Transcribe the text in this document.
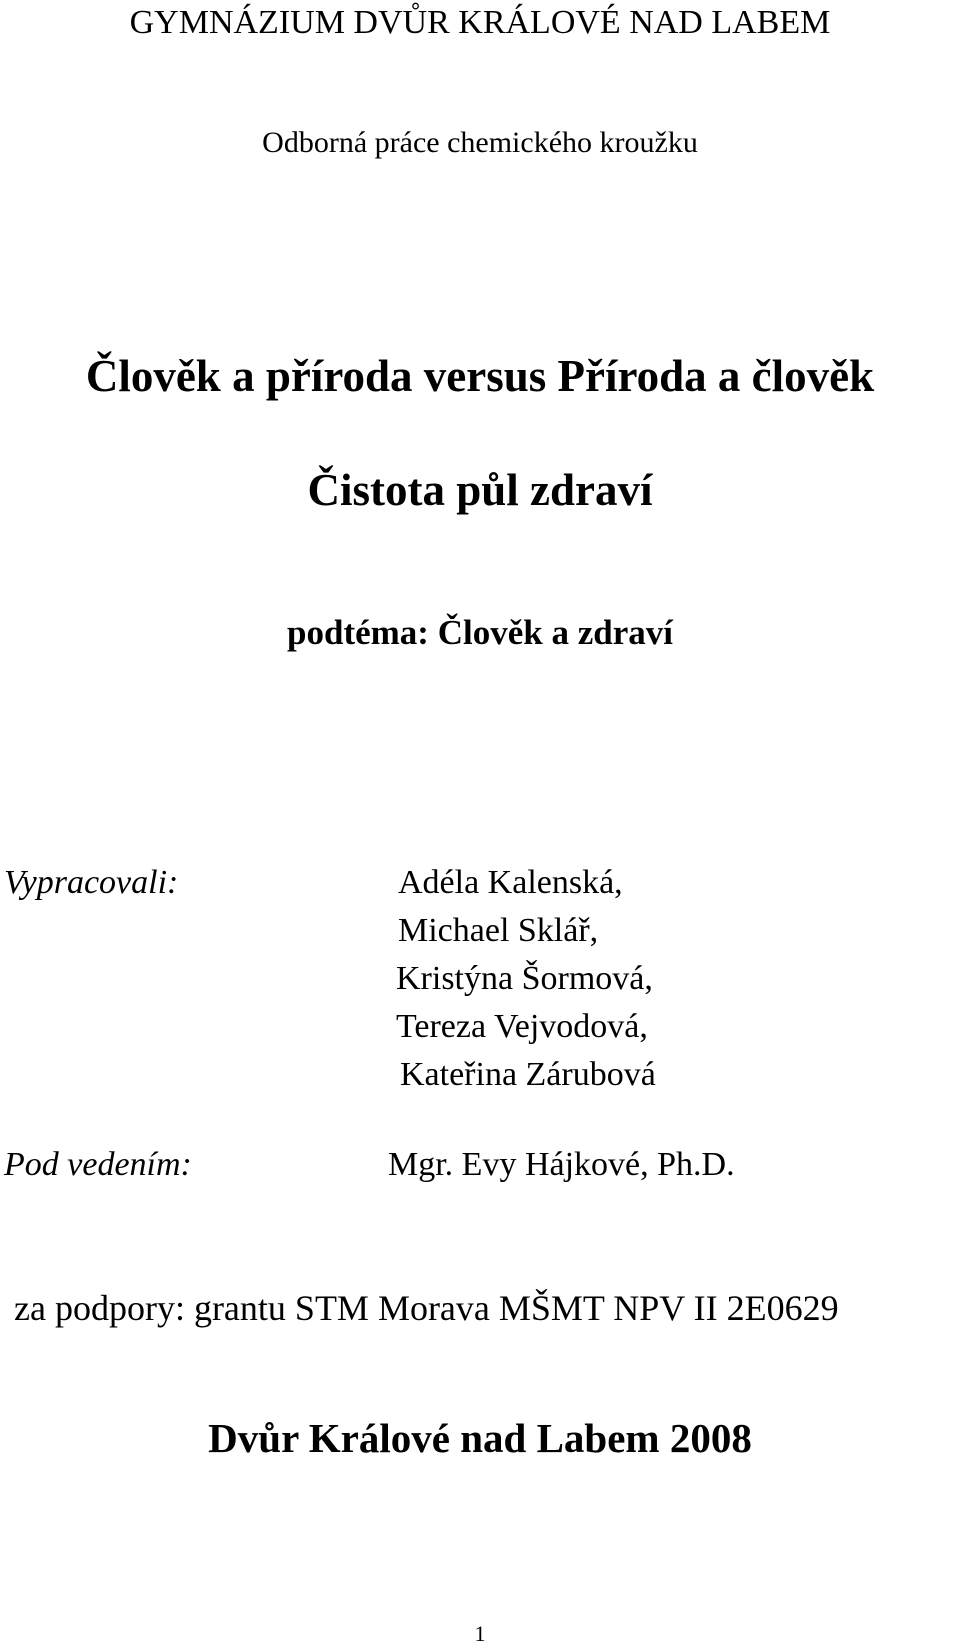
GYMNÁZIUM DVŮR KRÁLOVÉ NAD LABEM
Odborná práce chemického kroužku
Člověk a příroda versus Příroda a člověk
Čistota půl zdraví
podtéma: Člověk a zdraví
Vypracovali:	Adéla Kalenská,
Michael Sklář,
Kristýna Šormová,
Tereza Vejvodová,
Kateřina Zárubová
Pod vedením:	Mgr. Evy Hájkové, Ph.D.
za podpory: grantu STM Morava MŠMT NPV II 2E0629
Dvůr Králové nad Labem 2008
1
